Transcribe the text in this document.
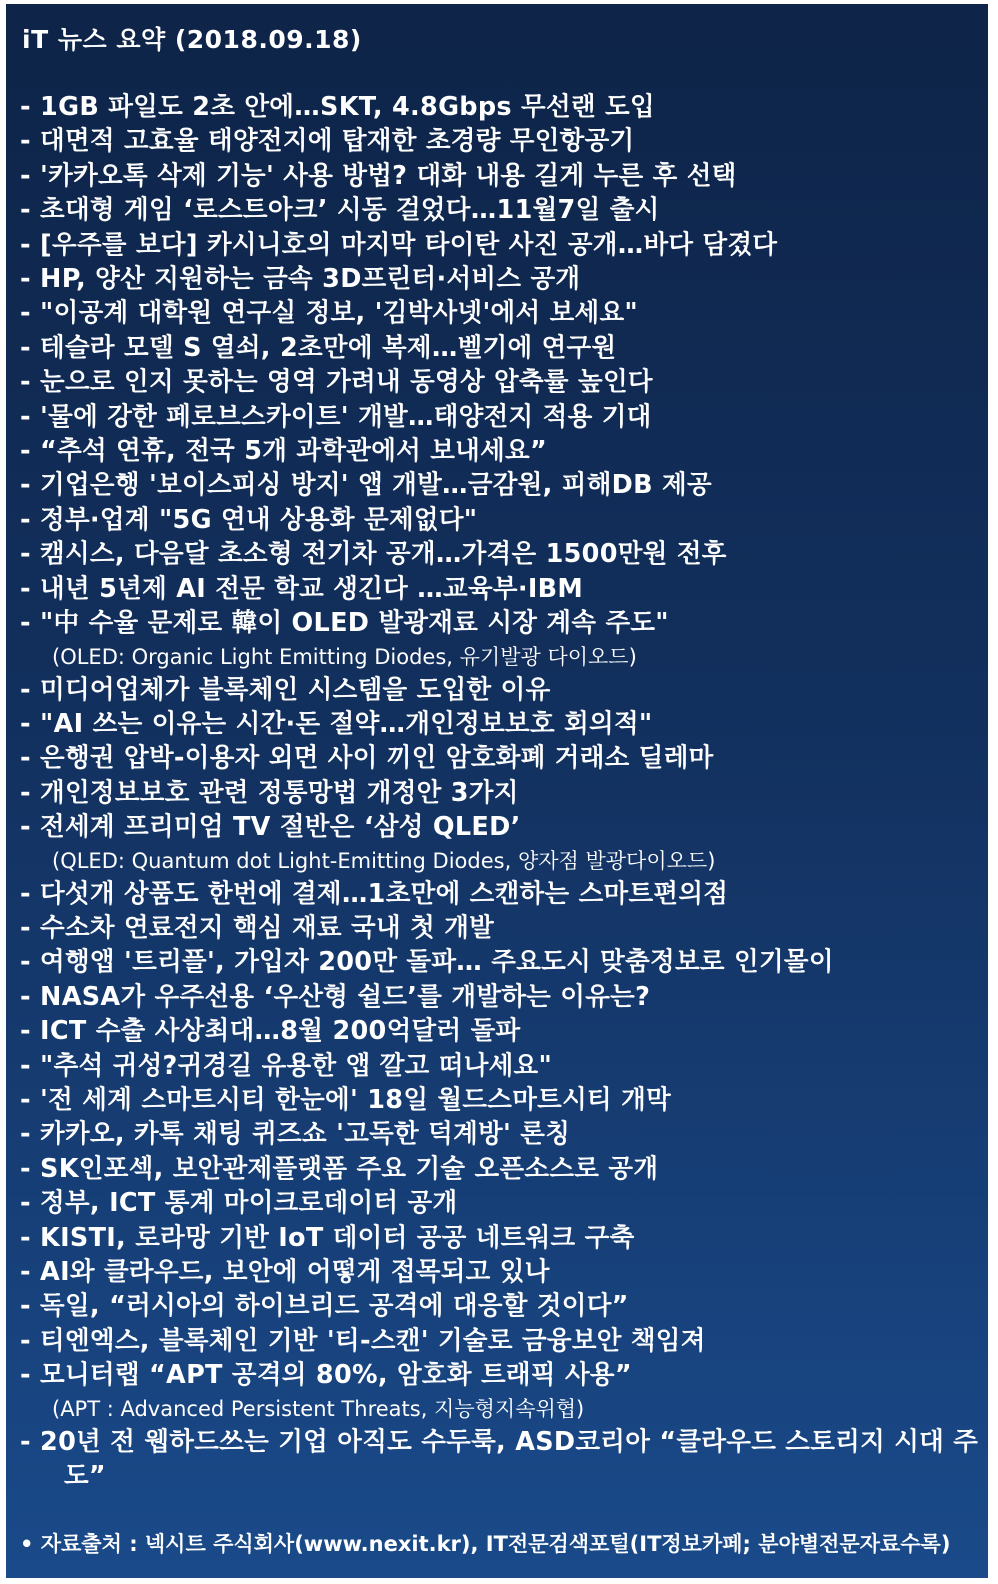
iT 뉴스 요약 (2018.09.18)
- 1GB 파일도 2초 안에…SKT, 4.8Gbps 무선랜 도입
- 대면적 고효율 태양전지에 탑재한 초경량 무인항공기
- '카카오톡 삭제 기능' 사용 방법? 대화 내용 길게 누른 후 선택
- 초대형 게임 ‘로스트아크’ 시동 걸었다…11월7일 출시
- [우주를 보다] 카시니호의 마지막 타이탄 사진 공개…바다 담겼다
- HP, 양산 지원하는 금속 3D프린터·서비스 공개
- "이공계 대학원 연구실 정보, '김박사넷'에서 보세요"
- 테슬라 모델 S 열쇠, 2초만에 복제…벨기에 연구원
- 눈으로 인지 못하는 영역 가려내 동영상 압축률 높인다
- '물에 강한 페로브스카이트' 개발…태양전지 적용 기대
- “추석 연휴, 전국 5개 과학관에서 보내세요”
- 기업은행 '보이스피싱 방지' 앱 개발…금감원, 피해DB 제공
- 정부·업계 "5G 연내 상용화 문제없다"
- 캠시스, 다음달 초소형 전기차 공개…가격은 1500만원 전후
- 내년 5년제 AI 전문 학교 생긴다 …교육부·IBM
- "中 수율 문제로 韓이 OLED 발광재료 시장 계속 주도"
(OLED: Organic Light Emitting Diodes, 유기발광 다이오드)
- 미디어업체가 블록체인 시스템을 도입한 이유
- "AI 쓰는 이유는 시간·돈 절약…개인정보보호 회의적"
- 은행권 압박-이용자 외면 사이 끼인 암호화폐 거래소 딜레마
- 개인정보보호 관련 정통망법 개정안 3가지
- 전세계 프리미엄 TV 절반은 ‘삼성 QLED’
(QLED: Quantum dot Light-Emitting Diodes, 양자점 발광다이오드)
- 다섯개 상품도 한번에 결제…1초만에 스캔하는 스마트편의점
- 수소차 연료전지 핵심 재료 국내 첫 개발
- 여행앱 '트리플', 가입자 200만 돌파… 주요도시 맞춤정보로 인기몰이
- NASA가 우주선용 ‘우산형 쉴드’를 개발하는 이유는?
- ICT 수출 사상최대…8월 200억달러 돌파
- "추석 귀성?귀경길 유용한 앱 깔고 떠나세요"
- '전 세계 스마트시티 한눈에' 18일 월드스마트시티 개막
- 카카오, 카톡 채팅 퀴즈쇼 '고독한 덕계방' 론칭
- SK인포섹, 보안관제플랫폼 주요 기술 오픈소스로 공개
- 정부, ICT 통계 마이크로데이터 공개
- KISTI, 로라망 기반 IoT 데이터 공공 네트워크 구축
- AI와 클라우드, 보안에 어떻게 접목되고 있나
- 독일, “러시아의 하이브리드 공격에 대응할 것이다”
- 티엔엑스, 블록체인 기반 '티-스캔' 기술로 금융보안 책임져
- 모니터랩 “APT 공격의 80%, 암호화 트래픽 사용”
(APT : Advanced Persistent Threats, 지능형지속위협)
- 20년 전 웹하드쓰는 기업 아직도 수두룩, ASD코리아 “클라우드 스토리지 시대 주도”
• 자료출처 : 넥시트 주식회사(www.nexit.kr), IT전문검색포털(IT정보카페; 분야별전문자료수록)
